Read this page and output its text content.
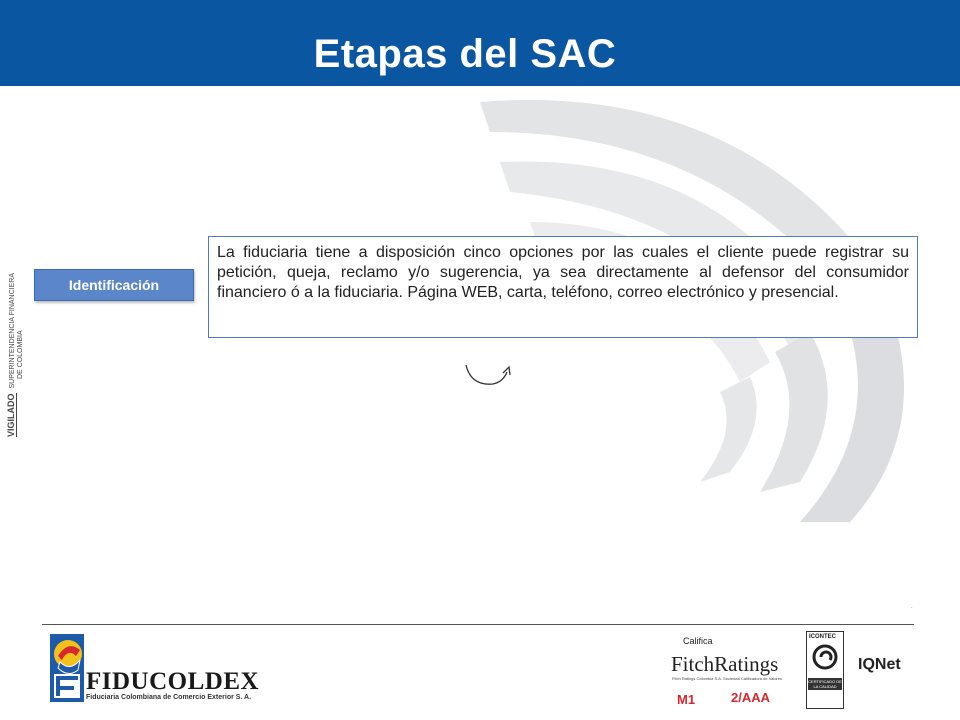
Etapas del SAC
VIGILADO SUPERINTENDENCIA FINANCIERA
DE COLOMBIA
Identificación
La fiduciaria tiene a disposición cinco opciones por las cuales el cliente puede registrar su petición, queja, reclamo y/o sugerencia, ya sea directamente al defensor del consumidor financiero ó a la fiduciaria. Página WEB, carta, teléfono, correo electrónico y presencial.
.
FIDUCOLDEX
Fiduciaria Colombiana de Comercio Exterior S. A.
Califica
FitchRatings
Fitch Ratings Colombia S.A. Sociedad Calificadora de Valores
M1	2/AAA
ICONTEC
CERTIFICADO DE LA CALIDAD
IQNet
